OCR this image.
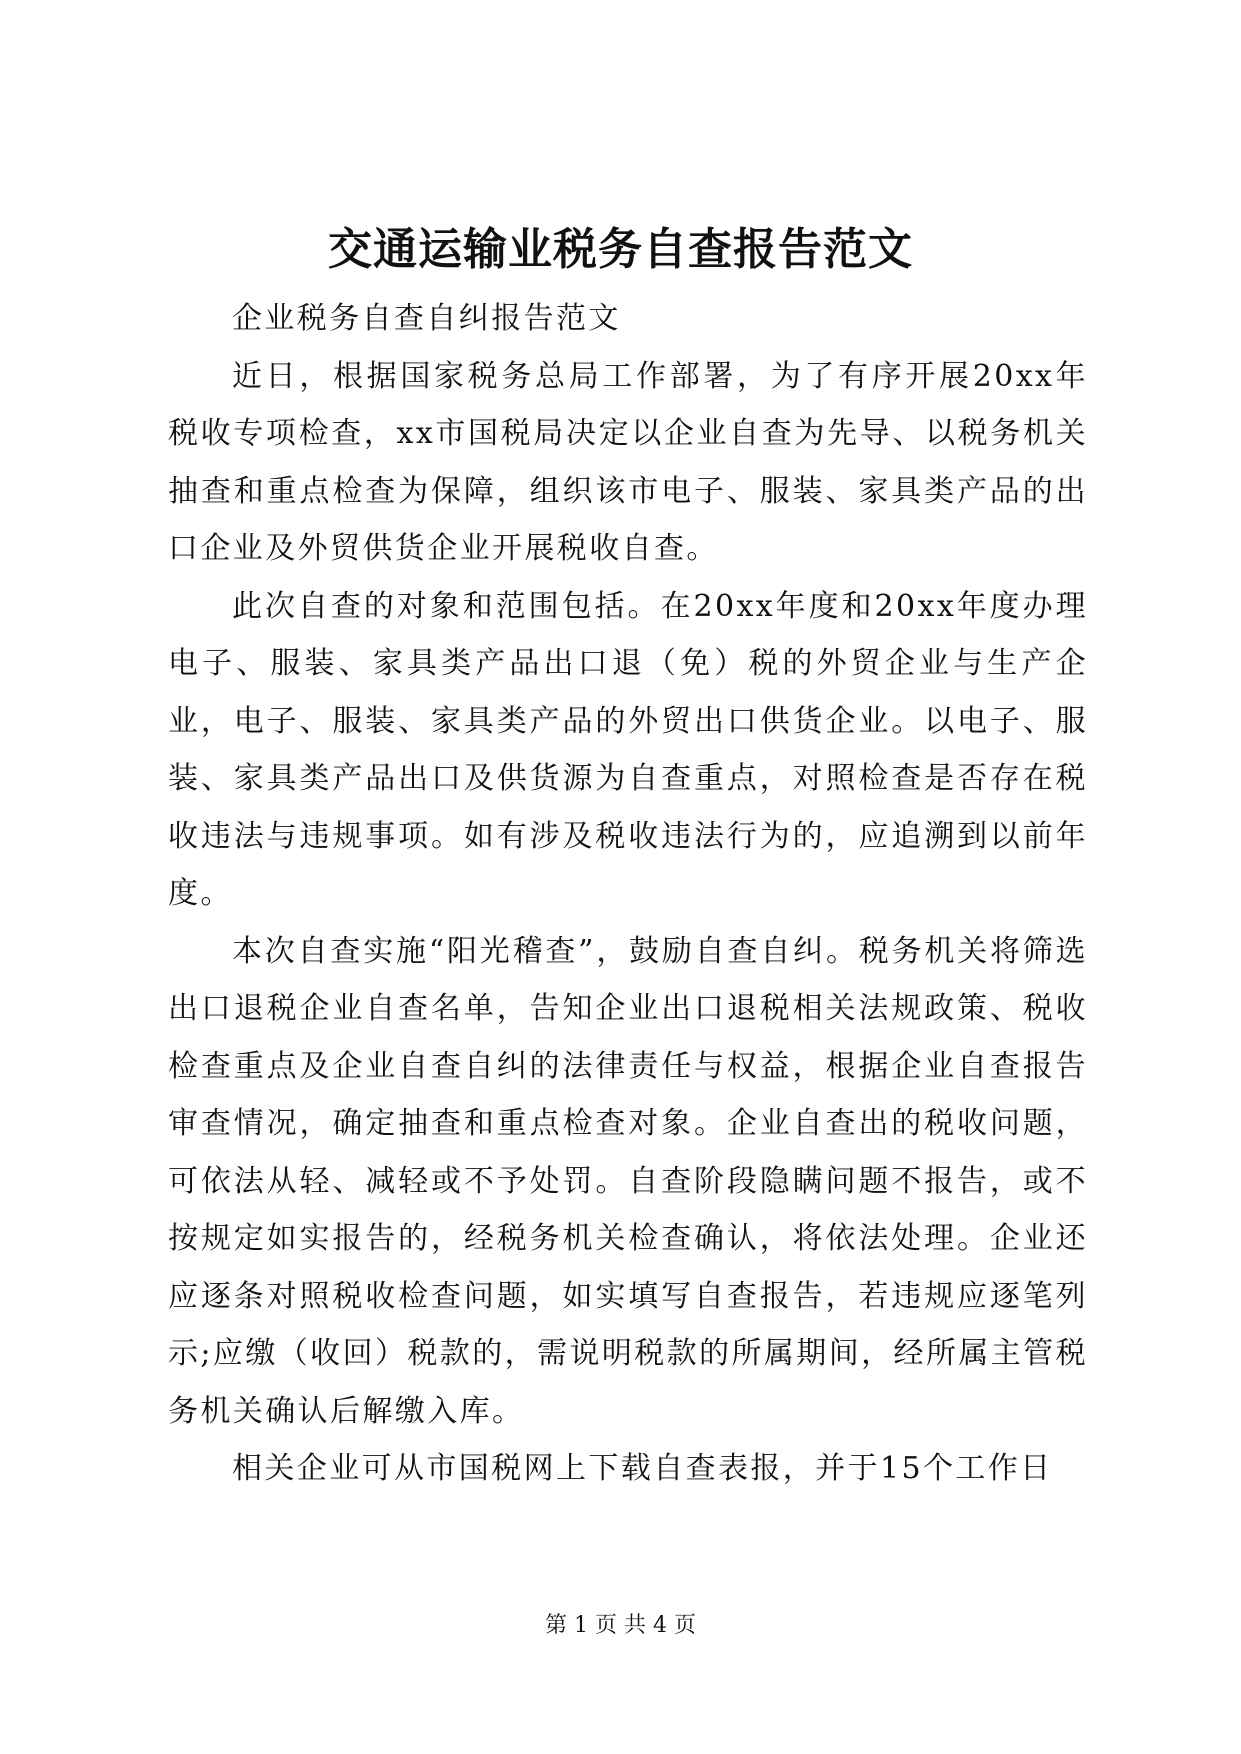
交通运输业税务自查报告范文

企业税务自查自纠报告范文

近日，根据国家税务总局工作部署，为了有序开展20xx年税收专项检查，xx市国税局决定以企业自查为先导、以税务机关抽查和重点检查为保障，组织该市电子、服装、家具类产品的出口企业及外贸供货企业开展税收自查。

此次自查的对象和范围包括。在20xx年度和20xx年度办理电子、服装、家具类产品出口退（免）税的外贸企业与生产企业，电子、服装、家具类产品的外贸出口供货企业。以电子、服装、家具类产品出口及供货源为自查重点，对照检查是否存在税收违法与违规事项。如有涉及税收违法行为的，应追溯到以前年度。

本次自查实施“阳光稽查”，鼓励自查自纠。税务机关将筛选出口退税企业自查名单，告知企业出口退税相关法规政策、税收检查重点及企业自查自纠的法律责任与权益，根据企业自查报告审查情况，确定抽查和重点检查对象。企业自查出的税收问题，可依法从轻、减轻或不予处罚。自查阶段隐瞒问题不报告，或不按规定如实报告的，经税务机关检查确认，将依法处理。企业还应逐条对照税收检查问题，如实填写自查报告，若违规应逐笔列示;应缴（收回）税款的，需说明税款的所属期间，经所属主管税务机关确认后解缴入库。

相关企业可从市国税网上下载自查表报，并于15个工作日

第 1 页 共 4 页
